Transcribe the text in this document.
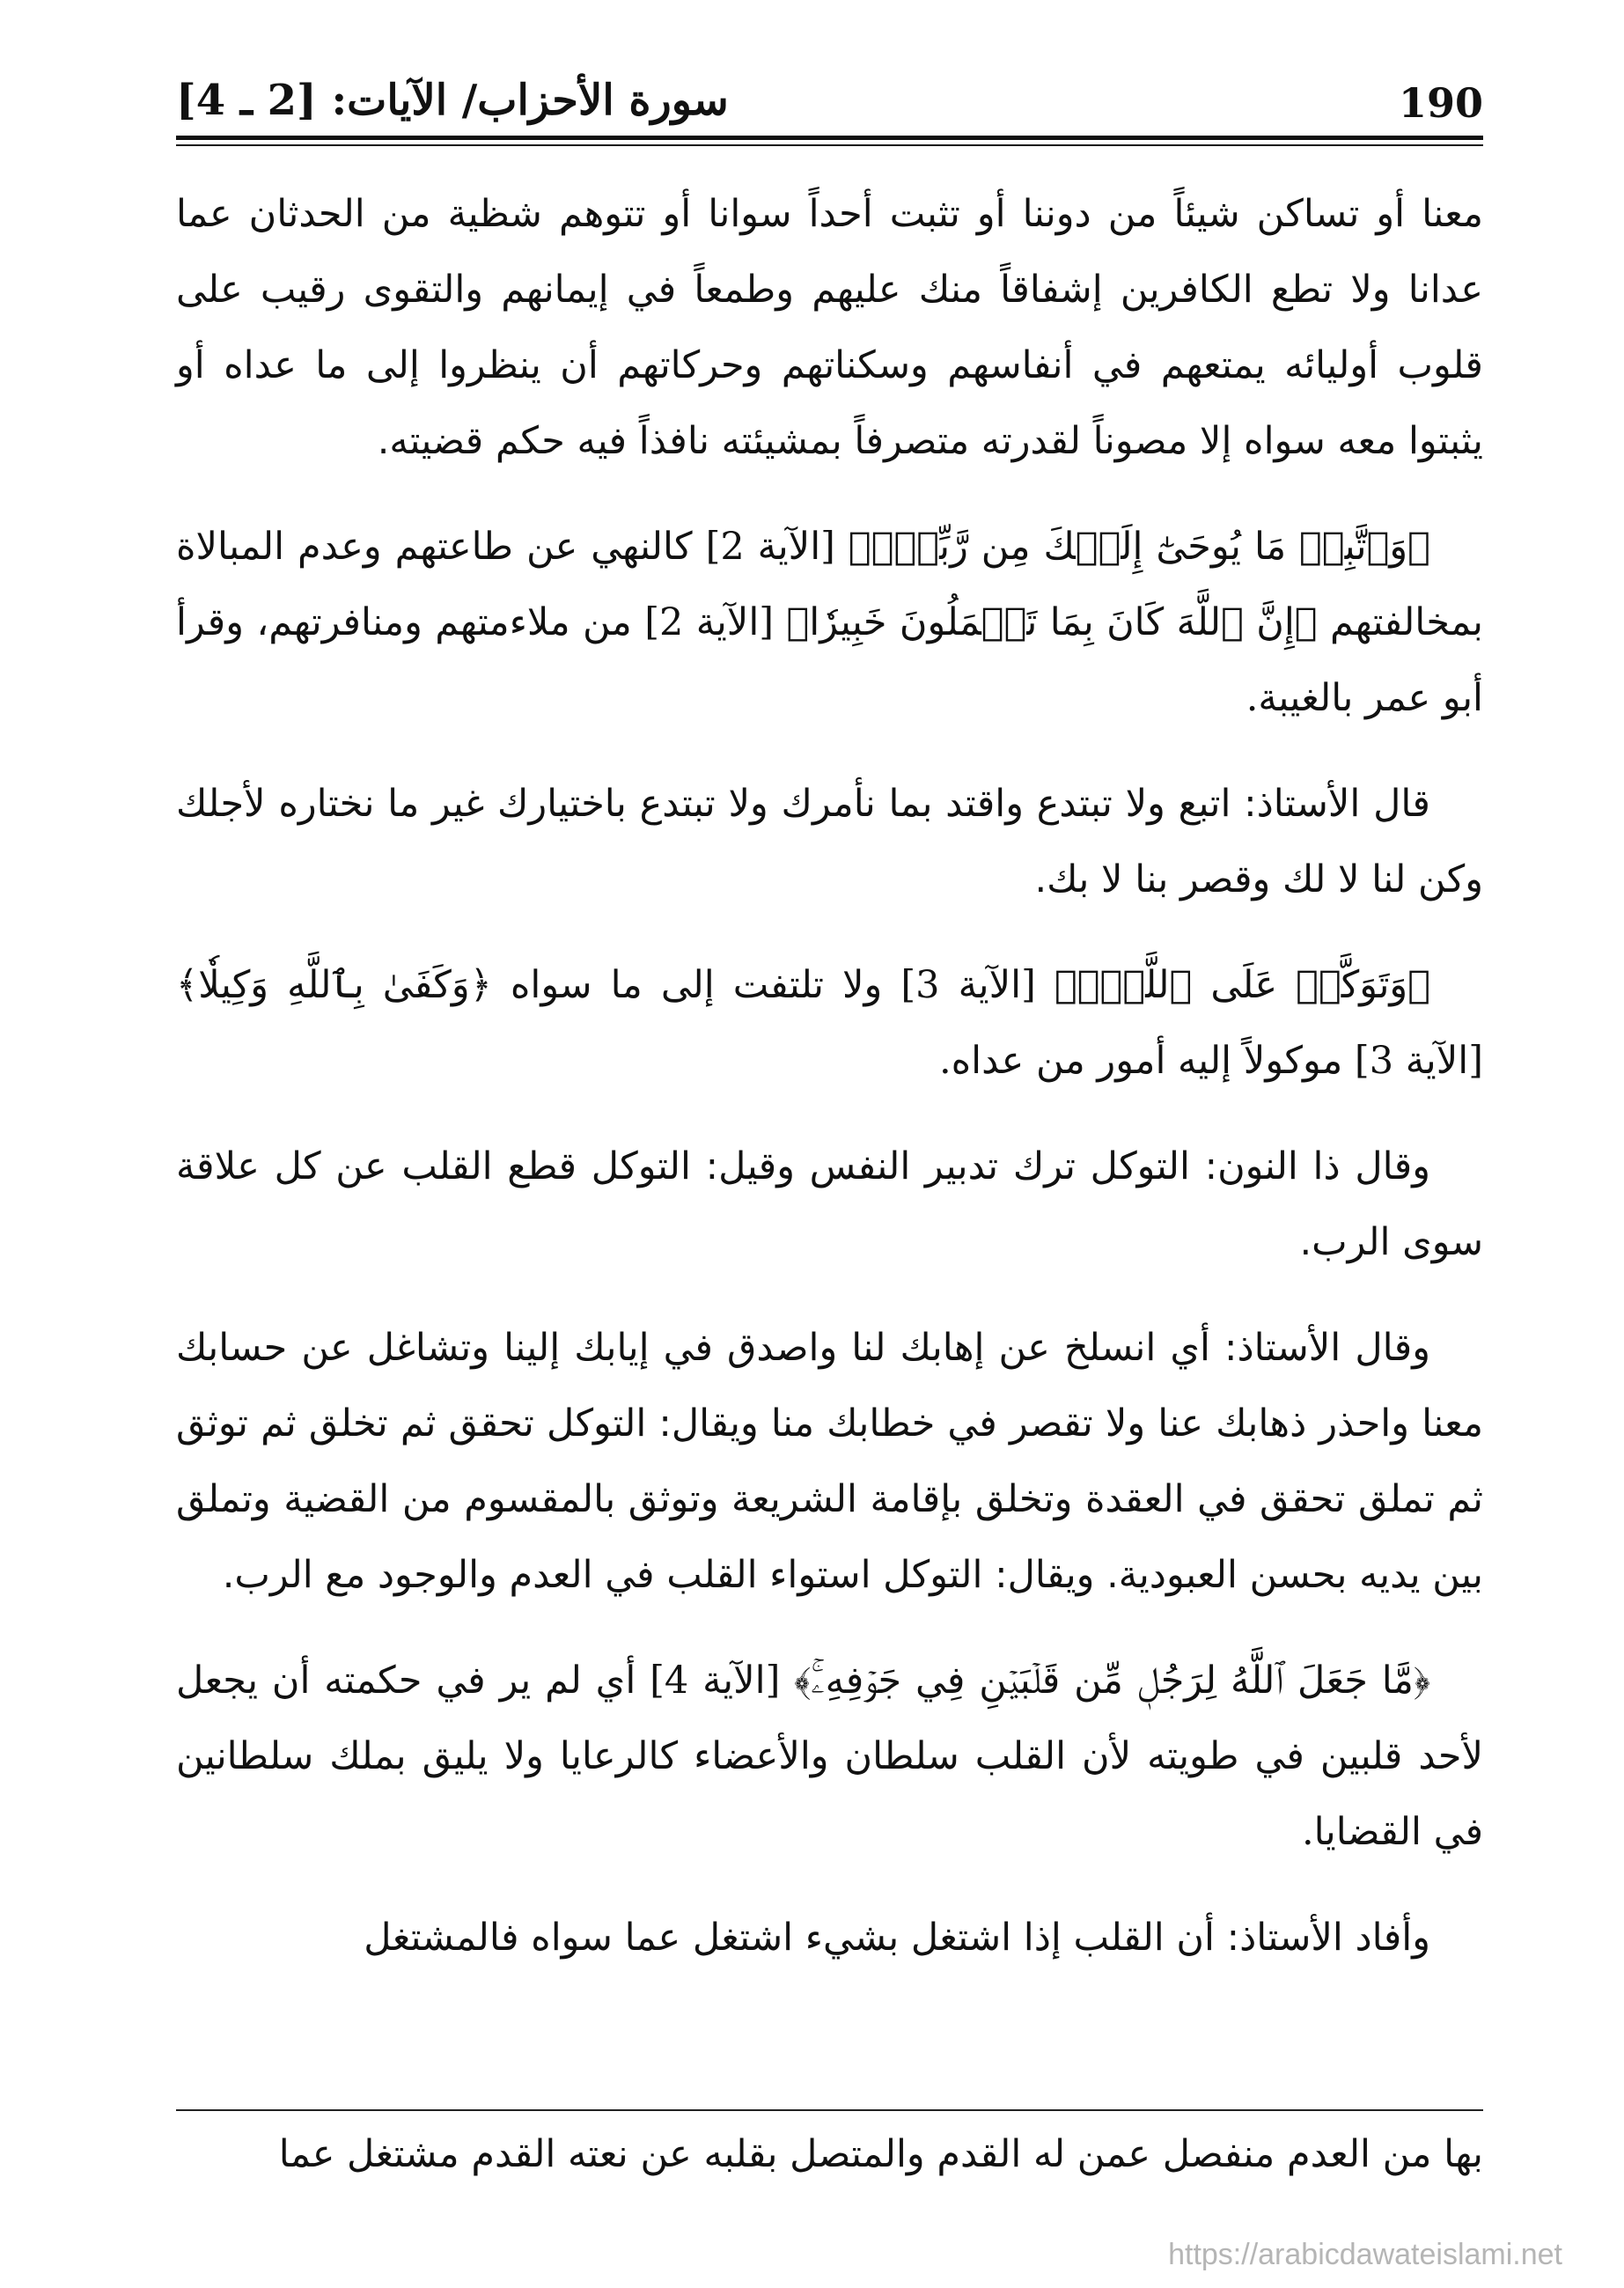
190
سورة الأحزاب/ الآيات: [2 ـ 4]

معنا أو تساكن شيئاً من دوننا أو تثبت أحداً سوانا أو تتوهم شظية من الحدثان عما عدانا ولا تطع الكافرين إشفاقاً منك عليهم وطمعاً في إيمانهم والتقوى رقيب على قلوب أوليائه يمتعهم في أنفاسهم وسكناتهم وحركاتهم أن ينظروا إلى ما عداه أو يثبتوا معه سواه إلا مصوناً لقدرته متصرفاً بمشيئته نافذاً فيه حكم قضيته.

﴿وَٱتَّبِعۡ مَا يُوحَىٰٓ إِلَيۡكَ مِن رَّبِّكَۚ﴾ [الآية 2] كالنهي عن طاعتهم وعدم المبالاة بمخالفتهم ﴿إِنَّ ٱللَّهَ كَانَ بِمَا تَعۡمَلُونَ خَبِيرٗا﴾ [الآية 2] من ملاءمتهم ومنافرتهم، وقرأ أبو عمر بالغيبة.

قال الأستاذ: اتبع ولا تبتدع واقتد بما نأمرك ولا تبتدع باختيارك غير ما نختاره لأجلك وكن لنا لا لك وقصر بنا لا بك.

﴿وَتَوَكَّلۡ عَلَى ٱللَّهِۚ﴾ [الآية 3] ولا تلتفت إلى ما سواه ﴿وَكَفَىٰ بِٱللَّهِ وَكِيلٗا﴾ [الآية 3] موكولاً إليه أمور من عداه.

وقال ذا النون: التوكل ترك تدبير النفس وقيل: التوكل قطع القلب عن كل علاقة سوى الرب.

وقال الأستاذ: أي انسلخ عن إهابك لنا واصدق في إيابك إلينا وتشاغل عن حسابك معنا واحذر ذهابك عنا ولا تقصر في خطابك منا ويقال: التوكل تحقق ثم تخلق ثم توثق ثم تملق تحقق في العقدة وتخلق بإقامة الشريعة وتوثق بالمقسوم من القضية وتملق بين يديه بحسن العبودية. ويقال: التوكل استواء القلب في العدم والوجود مع الرب.

﴿مَّا جَعَلَ ٱللَّهُ لِرَجُلٖ مِّن قَلۡبَيۡنِ فِي جَوۡفِهِۦۚ﴾ [الآية 4] أي لم ير في حكمته أن يجعل لأحد قلبين في طويته لأن القلب سلطان والأعضاء كالرعايا ولا يليق بملك سلطانين في القضايا.

وأفاد الأستاذ: أن القلب إذا اشتغل بشيء اشتغل عما سواه فالمشتغل

بها من العدم منفصل عمن له القدم والمتصل بقلبه عن نعته القدم مشتغل عما
https://arabicdawateislami.net
